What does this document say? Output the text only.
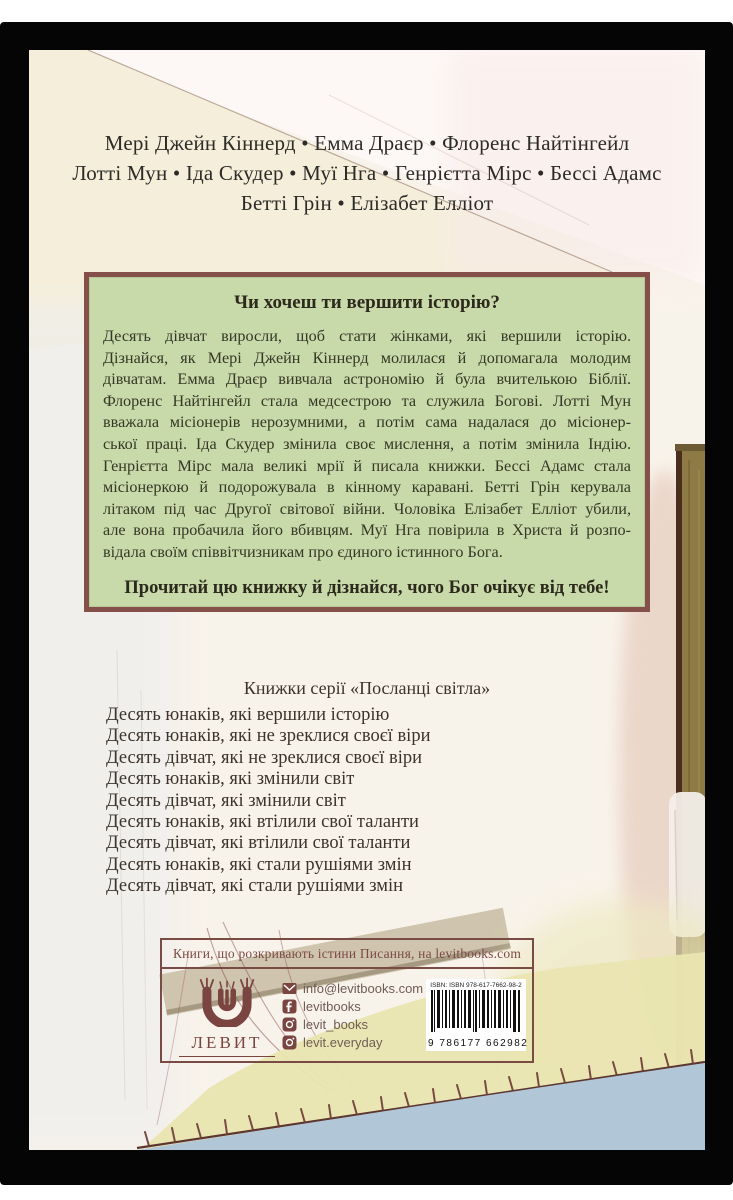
Мері Джейн Кіннерд • Емма Драєр • Флоренс Найтінгейл
Лотті Мун • Іда Скудер • Муї Нга • Генрієтта Мірс • Бессі Адамс
Бетті Грін • Елізабет Елліот
Чи хочеш ти вершити історію?
Десять дівчат виросли, щоб стати жінками, які вершили історію.
Дізнайся, як Мері Джейн Кіннерд молилася й допомагала молодим
дівчатам. Емма Драєр вивчала астрономію й була вчителькою Біблії.
Флоренс Найтінгейл стала медсестрою та служила Богові. Лотті Мун
вважала місіонерів нерозумними, а потім сама надалася до місіонер-
ської праці. Іда Скудер змінила своє мислення, а потім змінила Індію.
Генрієтта Мірс мала великі мрії й писала книжки. Бессі Адамс стала
місіонеркою й подорожувала в кінному каравані. Бетті Грін керувала
літаком під час Другої світової війни. Чоловіка Елізабет Елліот убили,
але вона пробачила його вбивцям. Муї Нга повірила в Христа й розпо-
відала своїм співвітчизникам про єдиного істинного Бога.
Прочитай цю книжку й дізнайся, чого Бог очікує від тебе!
Книжки серії «Посланці світла»
Десять юнаків, які вершили історію
Десять юнаків, які не зреклися своєї віри
Десять дівчат, які не зреклися своєї віри
Десять юнаків, які змінили світ
Десять дівчат, які змінили світ
Десять юнаків, які втілили свої таланти
Десять дівчат, які втілили свої таланти
Десять юнаків, які стали рушіями змін
Десять дівчат, які стали рушіями змін
Книги, що розкривають істини Писання, на levitbooks.com
ЛЕВИТ
info@levitbooks.com
levitbooks
levit_books
levit.everyday
ISBN: ISBN 978-617-7662-98-2
9 786177 662982
